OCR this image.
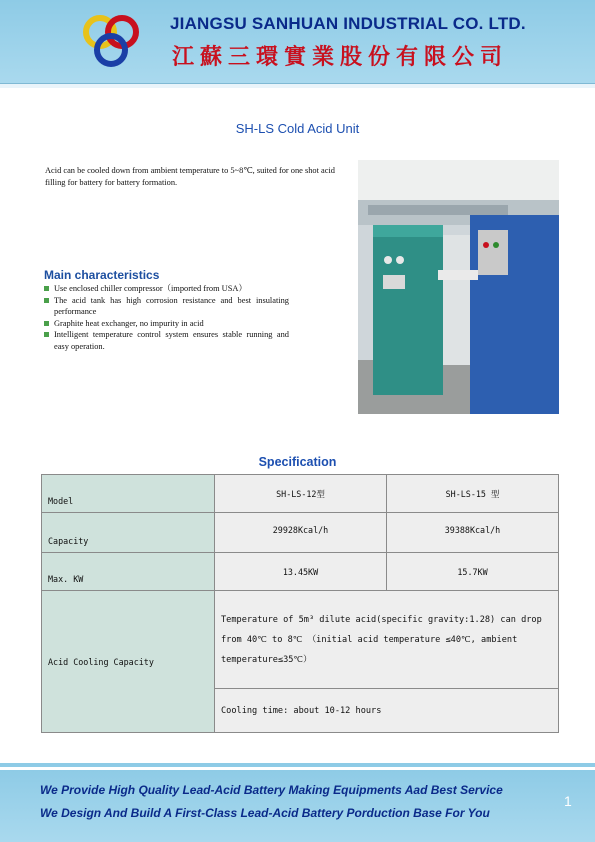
JIANGSU SANHUAN INDUSTRIAL CO. LTD.
江蘇三環實業股份有限公司
SH-LS Cold Acid Unit
Acid can be cooled down from ambient temperature to 5~8℃, suited for one shot acid filling for battery for battery formation.
Main characteristics
Use enclosed chiller compressor（imported from USA）
The acid tank has high corrosion resistance and best insulating performance
Graphite heat exchanger, no impurity in acid
Intelligent temperature control system ensures stable running and easy operation.
Specification
Model	SH-LS-12型	SH-LS-15 型
Capacity	29928Kcal/h	39388Kcal/h
Max. KW	13.45KW	15.7KW
Acid Cooling Capacity	Temperature of 5m³ dilute acid(specific gravity:1.28) can drop from 40℃ to 8℃ （initial acid temperature ≤40℃, ambient temperature≤35℃）	
	Cooling time: about 10-12 hours	
We Provide High Quality Lead-Acid Battery Making Equipments Aad Best Service
We Design And Build A First-Class Lead-Acid Battery Porduction Base For You
1
